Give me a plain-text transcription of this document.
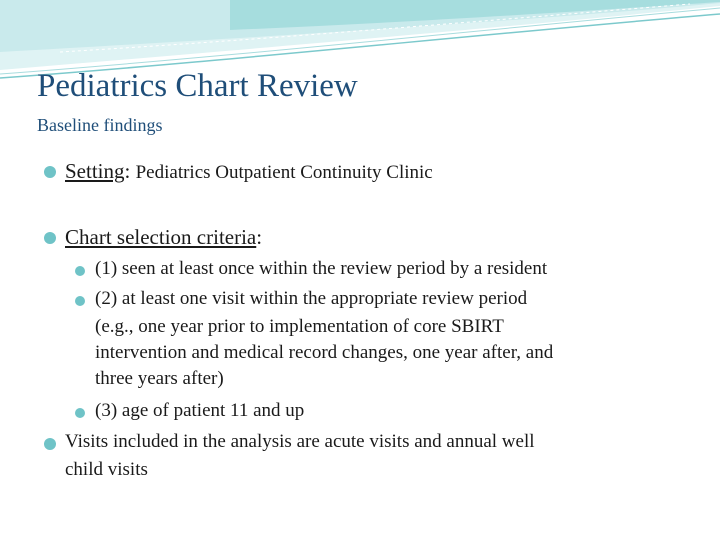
Pediatrics Chart Review
Baseline findings
Setting: Pediatrics Outpatient Continuity Clinic
Chart selection criteria:
(1) seen at least once within the review period by a resident
(2) at least one visit within the appropriate review period
(e.g., one year prior to implementation of core SBIRT
intervention and medical record changes, one year after, and
three years after)
(3) age of patient 11 and up
Visits included in the analysis are acute visits and annual well
child visits
